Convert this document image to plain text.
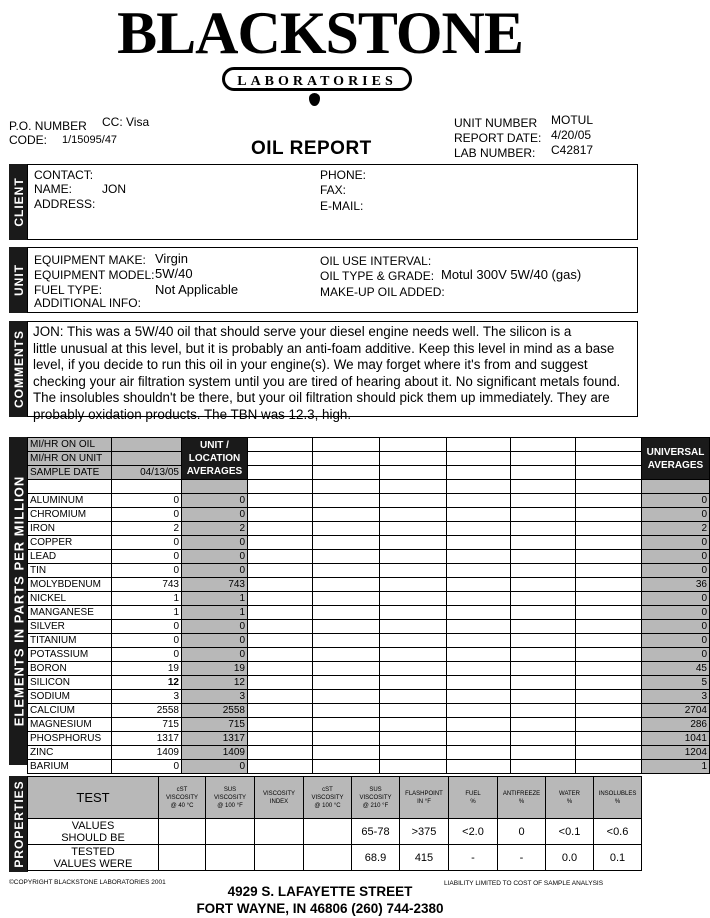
BLACKSTONE
LABORATORIES
P.O. NUMBER CC: Visa
CODE: 1/15095/47	OIL REPORT
UNIT NUMBER MOTUL
REPORT DATE: 4/20/05
LAB NUMBER: C42817
CLIENT
CONTACT:
NAME: JON
ADDRESS:
PHONE:
FAX:
E-MAIL:
UNIT
EQUIPMENT MAKE: Virgin
EQUIPMENT MODEL: 5W/40
FUEL TYPE:	Not Applicable
ADDITIONAL INFO:
OIL USE INTERVAL:
OIL TYPE & GRADE: Motul 300V 5W/40 (gas)
MAKE-UP OIL ADDED:
COMMENTS JON: This was a 5W/40 oil that should serve your diesel engine needs well. The silicon is a
little unusual at this level, but it is probably an anti-foam additive. Keep this level in mind as a base
level, if you decide to run this oil in your engine(s). We may forget where it's from and suggest
checking your air filtration system until you are tired of hearing about it. No significant metals found.
The insolubles shouldn't be there, but your oil filtration should pick them up immediately. They are
probably oxidation products. The TBN was 12.3, high.
ELEMENTS IN PARTS PER MILLION
MI/HR ON OIL		UNIT /
LOCATION
AVERAGES							UNIVERSAL
AVERAGES
MI/HR ON UNIT									
SAMPLE DATE	04/13/05								

ALUMINUM	0	0							0
CHROMIUM	0	0							0
IRON	2	2							2
COPPER	0	0							0
LEAD	0	0							0
TIN	0	0							0
MOLYBDENUM	743	743							36
NICKEL	1	1							0
MANGANESE	1	1							0
SILVER	0	0							0
TITANIUM	0	0							0
POTASSIUM	0	0							0
BORON	19	19							45
SILICON	12	12							5
SODIUM	3	3							3
CALCIUM	2558	2558							2704
MAGNESIUM	715	715							286
PHOSPHORUS	1317	1317							1041
ZINC	1409	1409							1204
BARIUM	0	0							1
PROPERTIES	TEST	cST
VISCOSITY
@ 40 °C	SUS
VISCOSITY
@ 100 °F	VISCOSITY
INDEX	cST
VISCOSITY
@ 100 °C	SUS
VISCOSITY
@ 210 °F	FLASHPOINT
IN °F	FUEL
%	ANTIFREEZE
%	WATER
%	INSOLUBLES
%
VALUES
SHOULD BE					65-78	>375	<2.0	0	<0.1	<0.6
TESTED
VALUES WERE					68.9	415	-	-	0.0	0.1
©COPYRIGHT BLACKSTONE LABORATORIES 2001	LIABILITY LIMITED TO COST OF SAMPLE ANALYSIS
4929 S. LAFAYETTE STREET
FORT WAYNE, IN 46806 (260) 744-2380
